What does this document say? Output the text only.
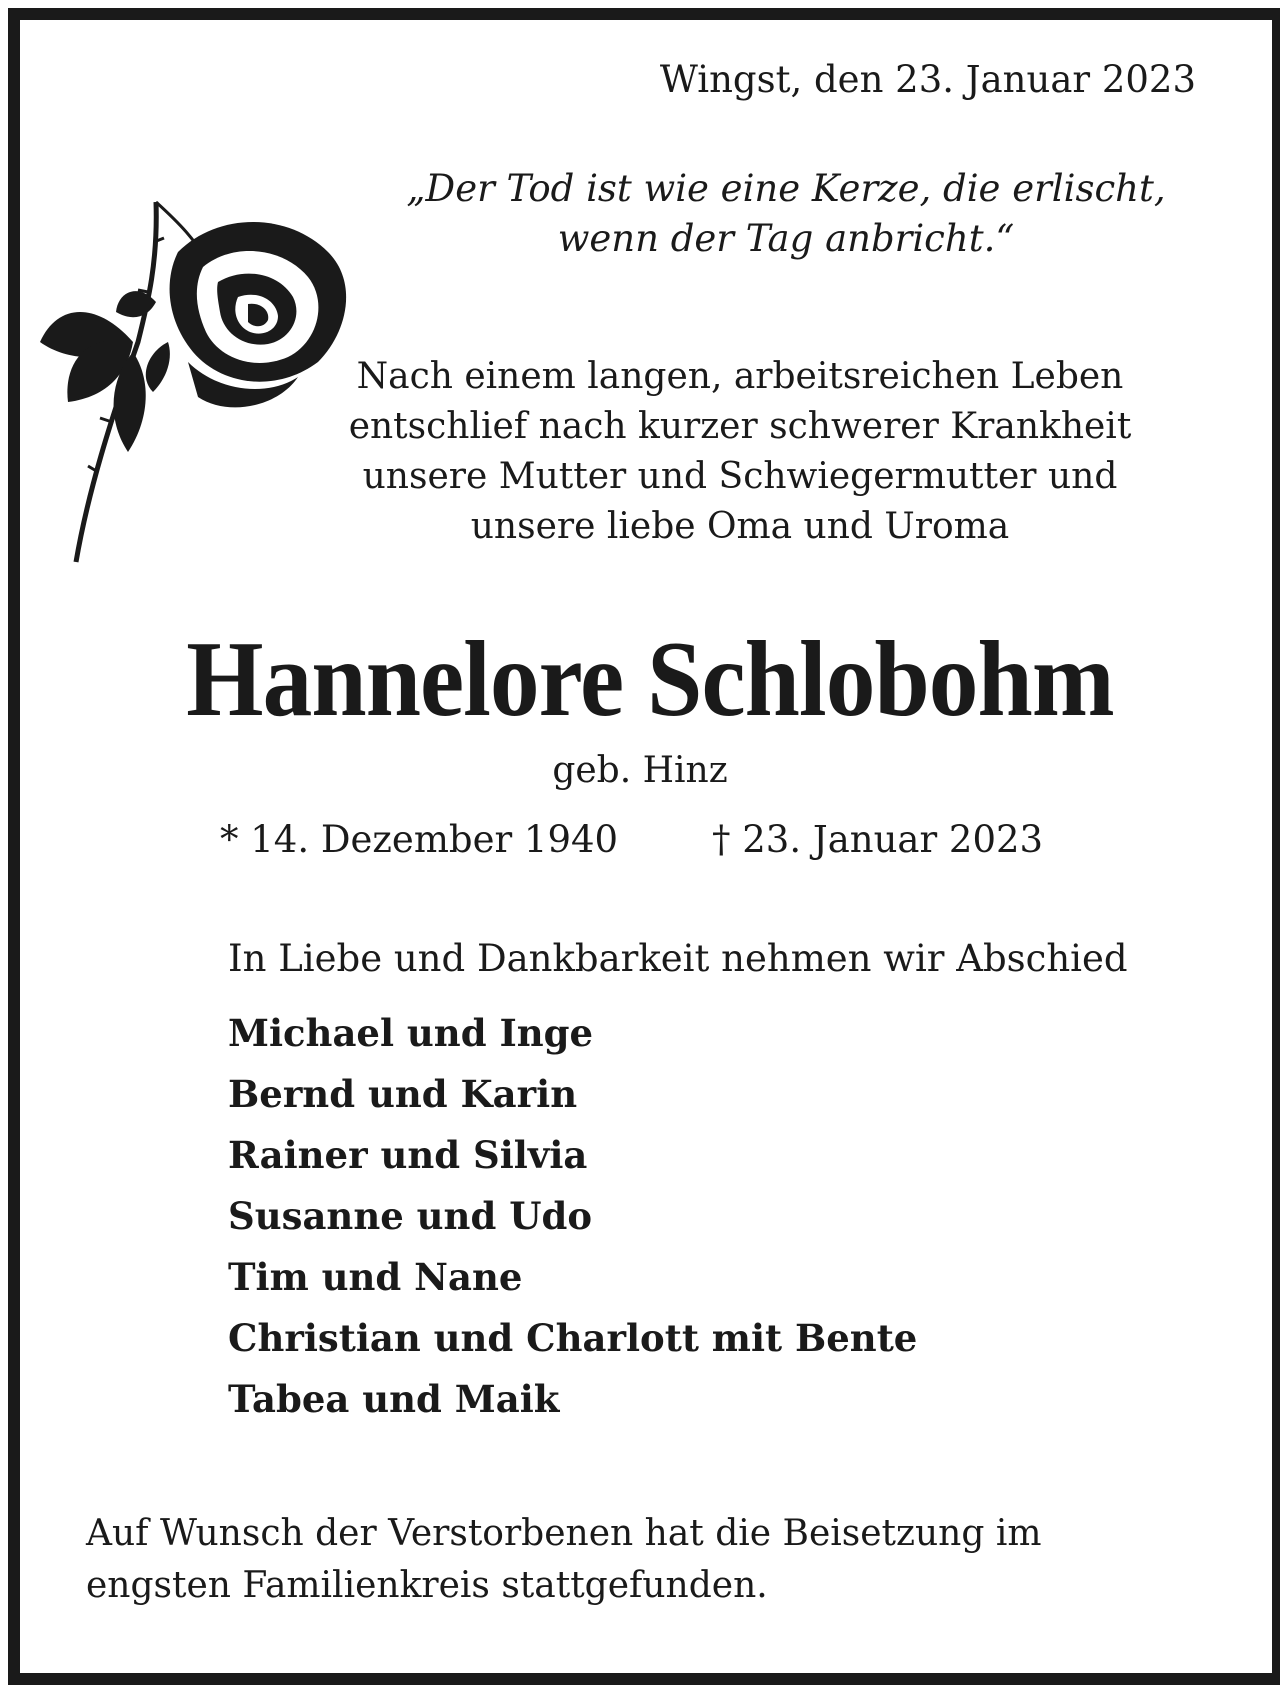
Wingst, den 23. Januar 2023

„Der Tod ist wie eine Kerze, die erlischt,
wenn der Tag anbricht.“

Nach einem langen, arbeitsreichen Leben
entschlief nach kurzer schwerer Krankheit
unsere Mutter und Schwiegermutter und
unsere liebe Oma und Uroma

Hannelore Schlobohm

geb. Hinz

* 14. Dezember 1940	† 23. Januar 2023

In Liebe und Dankbarkeit nehmen wir Abschied

Michael und Inge
Bernd und Karin
Rainer und Silvia
Susanne und Udo
Tim und Nane
Christian und Charlott mit Bente
Tabea und Maik

Auf Wunsch der Verstorbenen hat die Beisetzung im
engsten Familienkreis stattgefunden.
